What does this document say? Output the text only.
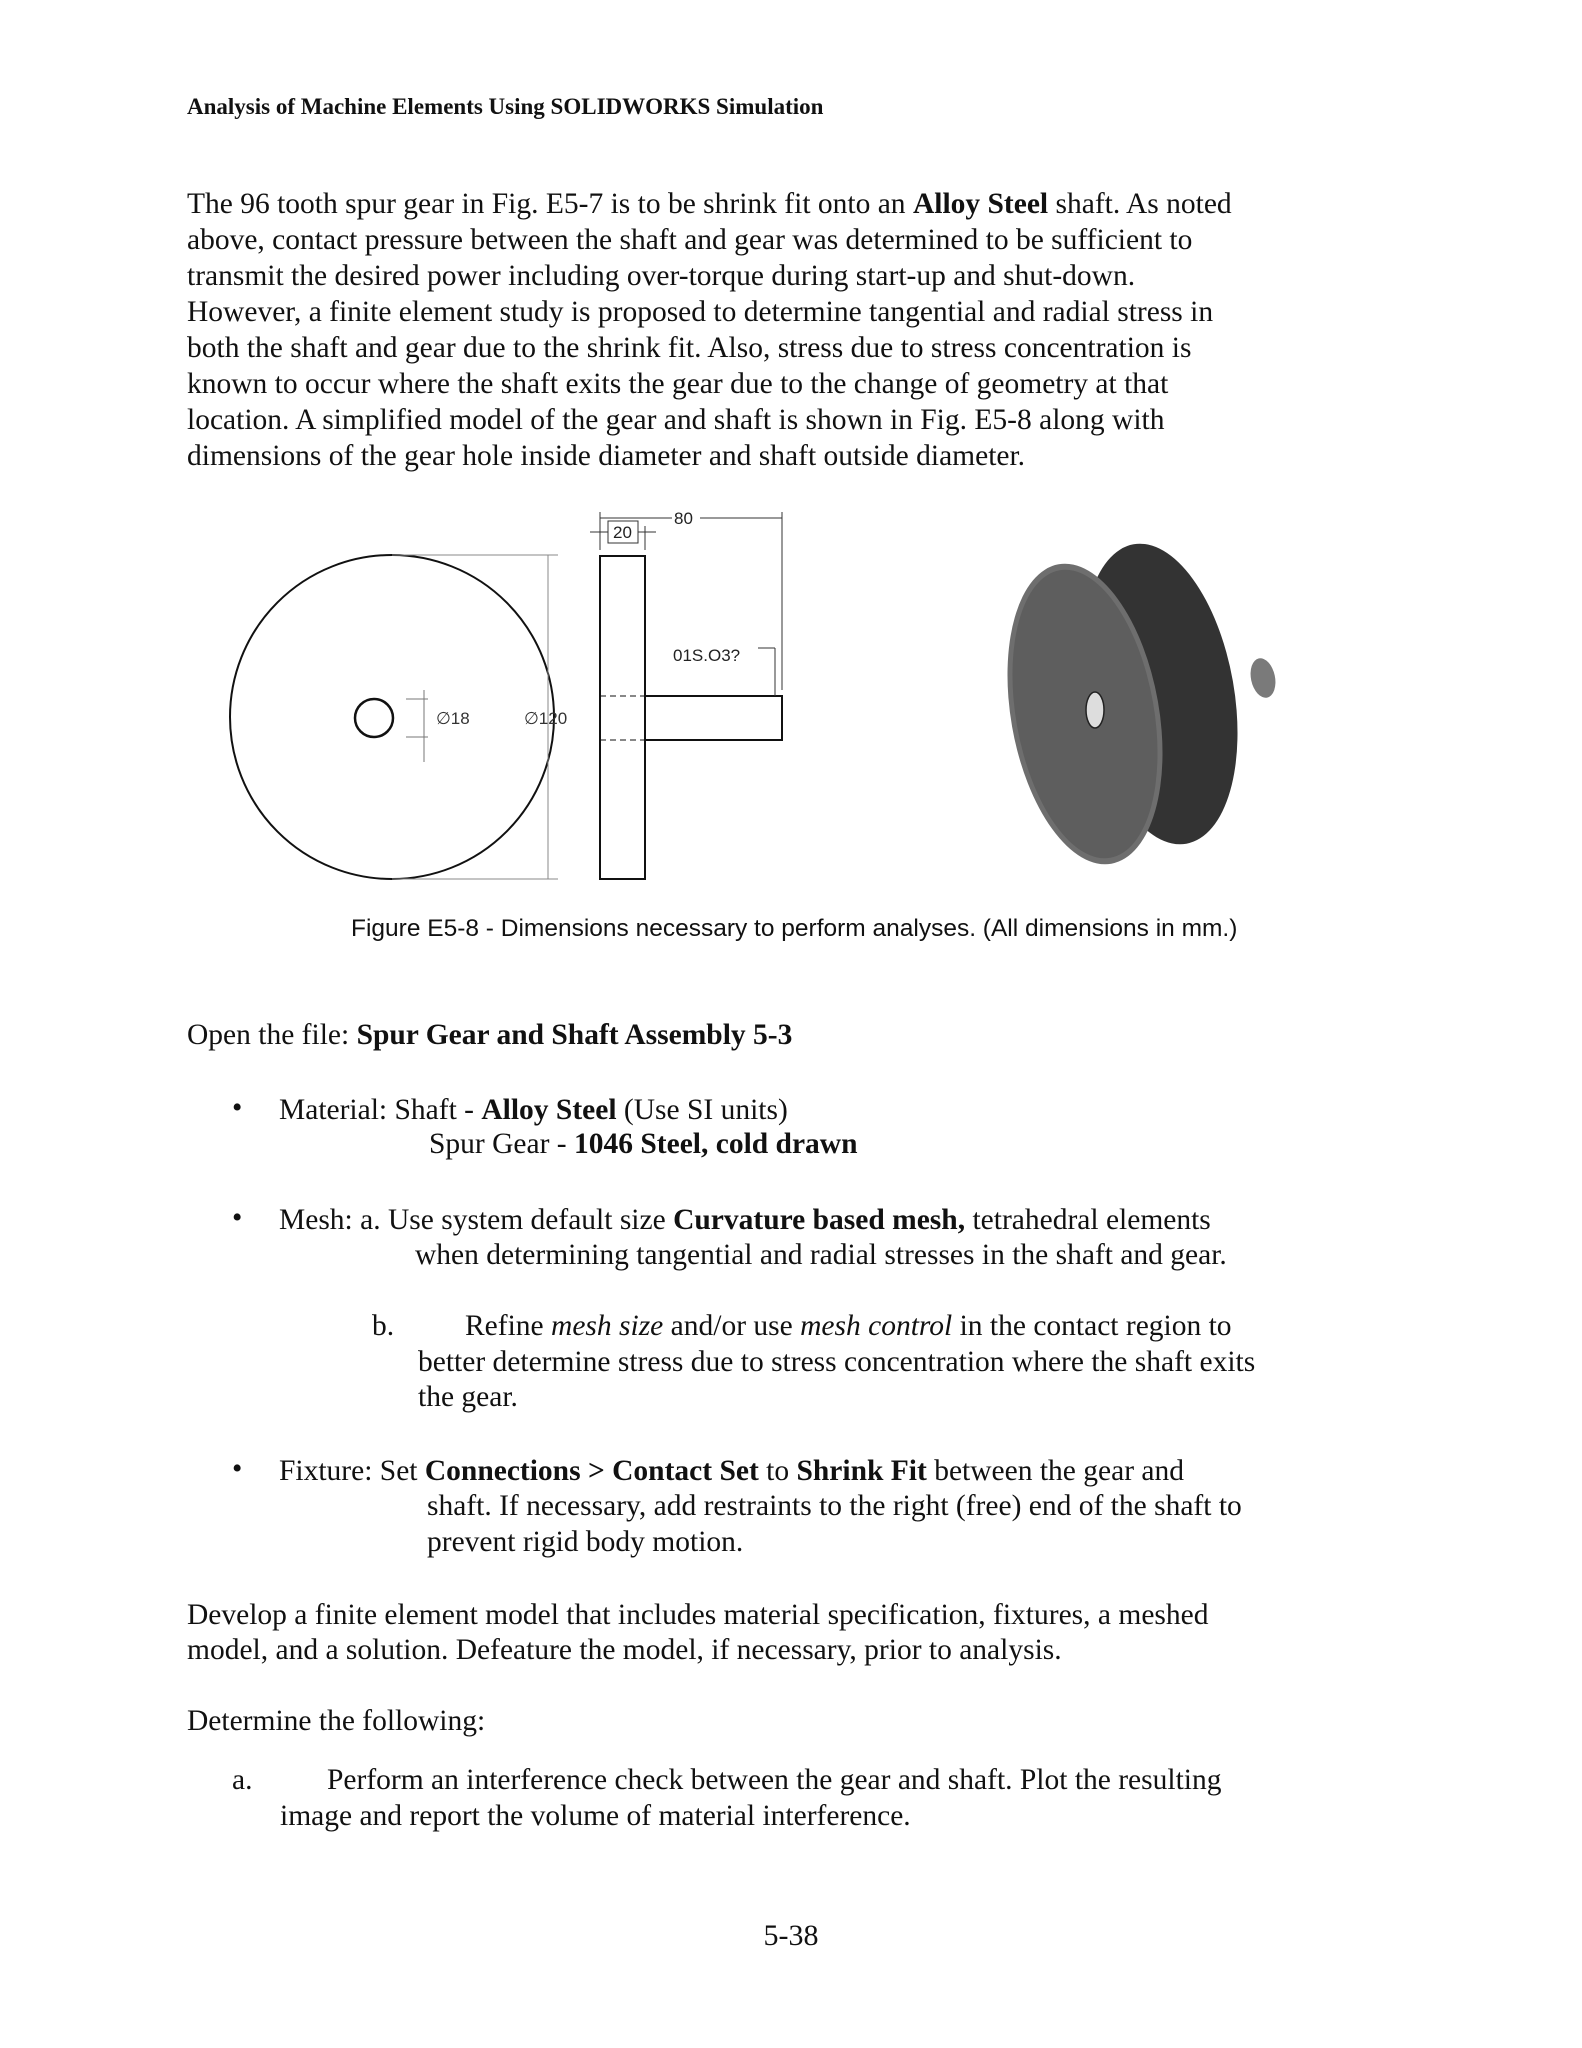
Analysis of Machine Elements Using SOLIDWORKS Simulation
The 96 tooth spur gear in Fig. E5-7 is to be shrink fit onto an Alloy Steel shaft. As noted
above, contact pressure between the shaft and gear was determined to be sufficient to
transmit the desired power including over-torque during start-up and shut-down.
However, a finite element study is proposed to determine tangential and radial stress in
both the shaft and gear due to the shrink fit. Also, stress due to stress concentration is
known to occur where the shaft exits the gear due to the change of geometry at that
location. A simplified model of the gear and shaft is shown in Fig. E5-8 along with
dimensions of the gear hole inside diameter and shaft outside diameter.
∅18	∅120
80
20
01S.O3?
Figure E5-8 - Dimensions necessary to perform analyses. (All dimensions in mm.)
Open the file: Spur Gear and Shaft Assembly 5-3
• Material: Shaft - Alloy Steel (Use SI units)
Spur Gear - 1046 Steel, cold drawn
• Mesh: a. Use system default size Curvature based mesh, tetrahedral elements
when determining tangential and radial stresses in the shaft and gear.
b. Refine mesh size and/or use mesh control in the contact region to
better determine stress due to stress concentration where the shaft exits
the gear.
• Fixture: Set Connections > Contact Set to Shrink Fit between the gear and
shaft. If necessary, add restraints to the right (free) end of the shaft to
prevent rigid body motion.
Develop a finite element model that includes material specification, fixtures, a meshed
model, and a solution. Defeature the model, if necessary, prior to analysis.
Determine the following:
a.	Perform an interference check between the gear and shaft. Plot the resulting
image and report the volume of material interference.
5-38
